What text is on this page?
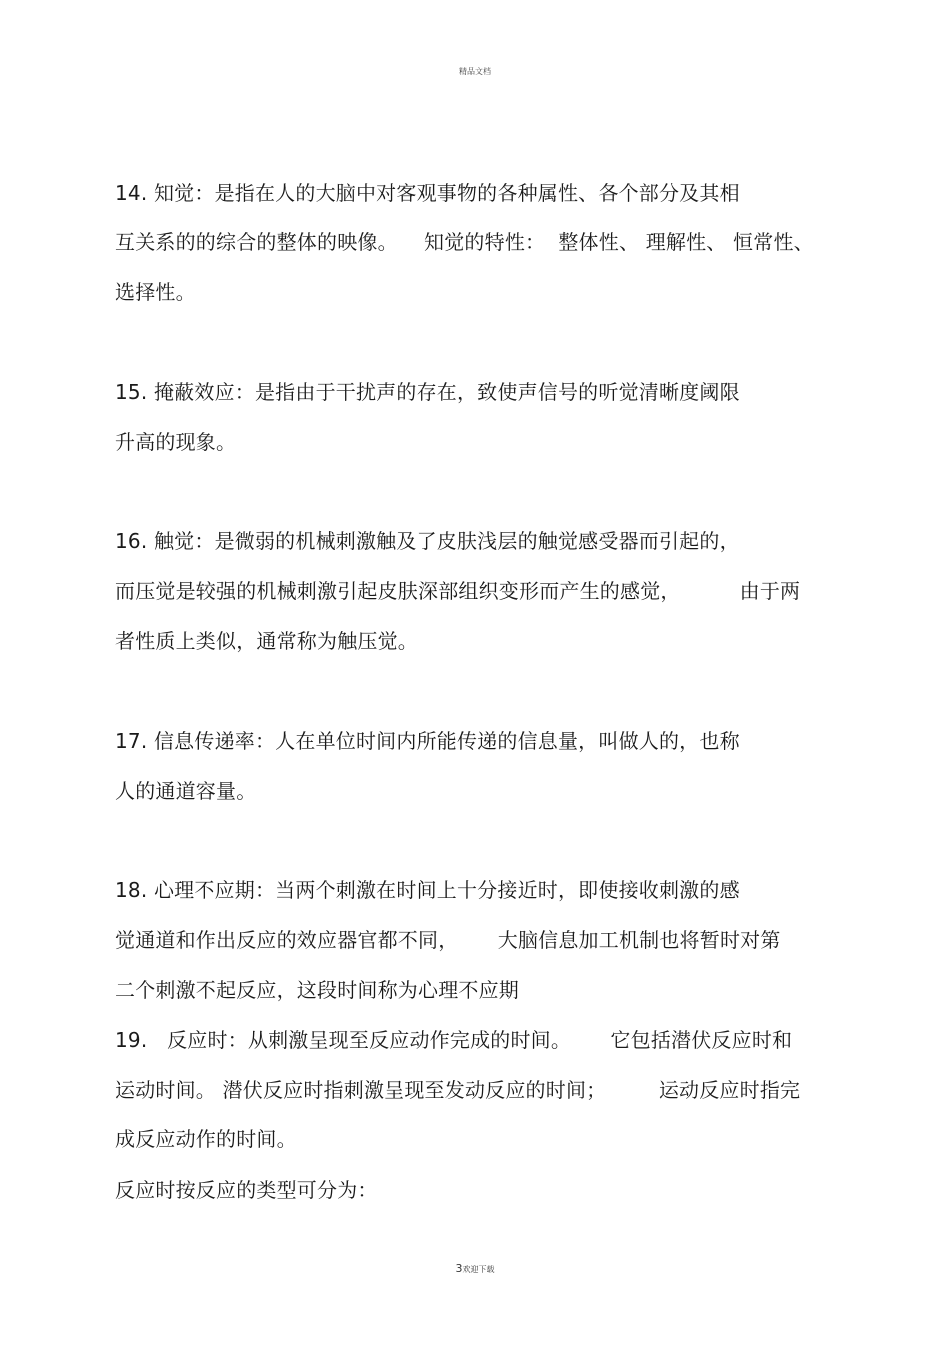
精品文档
14. 知觉：是指在人的大脑中对客观事物的各种属性、各个部分及其相
互关系的的综合的整体的映像。    知觉的特性：  整体性、 理解性、 恒常性、
选择性。
15. 掩蔽效应：是指由于干扰声的存在，致使声信号的听觉清晰度阈限
升高的现象。
16. 触觉：是微弱的机械刺激触及了皮肤浅层的触觉感受器而引起的，
而压觉是较强的机械刺激引起皮肤深部组织变形而产生的感觉，         由于两
者性质上类似，通常称为触压觉。
17. 信息传递率：人在单位时间内所能传递的信息量，叫做人的，也称
人的通道容量。
18. 心理不应期：当两个刺激在时间上十分接近时，即使接收刺激的感
觉通道和作出反应的效应器官都不同，      大脑信息加工机制也将暂时对第
二个刺激不起反应，这段时间称为心理不应期
19.   反应时：从刺激呈现至反应动作完成的时间。      它包括潜伏反应时和
运动时间。 潜伏反应时指刺激呈现至发动反应的时间；        运动反应时指完
成反应动作的时间。
反应时按反应的类型可分为：
3欢迎下载
